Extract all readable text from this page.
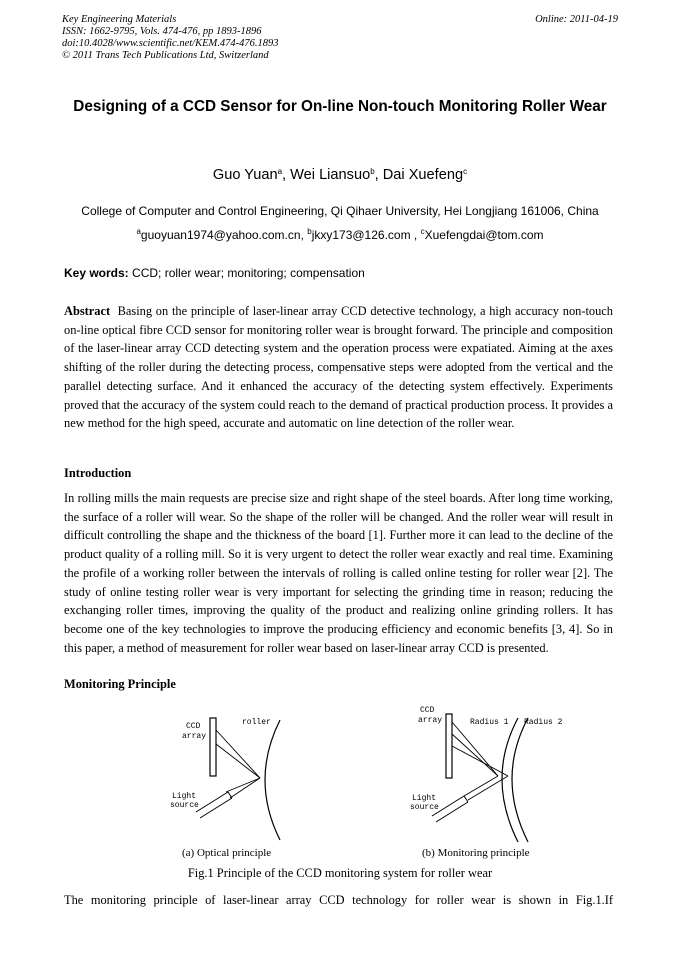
Key Engineering Materials
ISSN: 1662-9795, Vols. 474-476, pp 1893-1896
doi:10.4028/www.scientific.net/KEM.474-476.1893
© 2011 Trans Tech Publications Ltd, Switzerland
Online: 2011-04-19
Designing of a CCD Sensor for On-line Non-touch Monitoring Roller Wear
Guo Yuan$^a$, Wei Liansuo$^b$, Dai Xuefeng$^c$
College of Computer and Control Engineering, Qi Qihaer University, Hei Longjiang 161006, China
$^a$guoyuan1974@yahoo.com.cn, $^b$jkxy173@126.com , $^c$Xuefengdai@tom.com
Key words: CCD; roller wear; monitoring; compensation
Abstract Basing on the principle of laser-linear array CCD detective technology, a high accuracy non-touch on-line optical fibre CCD sensor for monitoring roller wear is brought forward. The principle and composition of the laser-linear array CCD detecting system and the operation process were expatiated. Aiming at the axes shifting of the roller during the detecting process, compensative steps were adopted from the vertical and the parallel detecting surface. And it enhanced the accuracy of the detecting system effectively. Experiments proved that the accuracy of the system could reach to the demand of practical production process. It provides a new method for the high speed, accurate and automatic on line detection of the roller wear.
Introduction
In rolling mills the main requests are precise size and right shape of the steel boards. After long time working, the surface of a roller will wear. So the shape of the roller will be changed. And the roller wear will result in difficult controlling the shape and the thickness of the board [1]. Further more it can lead to the decline of the product quality of a rolling mill. So it is very urgent to detect the roller wear exactly and real time. Examining the profile of a working roller between the intervals of rolling is called online testing for roller wear [2]. The study of online testing roller wear is very important for selecting the grinding time in reason; reducing the exchanging roller times, improving the quality of the product and realizing online grinding rollers. It has become one of the key technologies to improve the producing efficiency and economic benefits [3, 4]. So in this paper, a method of measurement for roller wear based on laser-linear array CCD is presented.
Monitoring Principle
CCD
array
roller
Light
source
CCD
array	Radius 1 Radius 2
Light
source
(a) Optical principle	(b) Monitoring principle
Fig.1 Principle of the CCD monitoring system for roller wear
The monitoring principle of laser-linear array CCD technology for roller wear is shown in Fig.1.If
